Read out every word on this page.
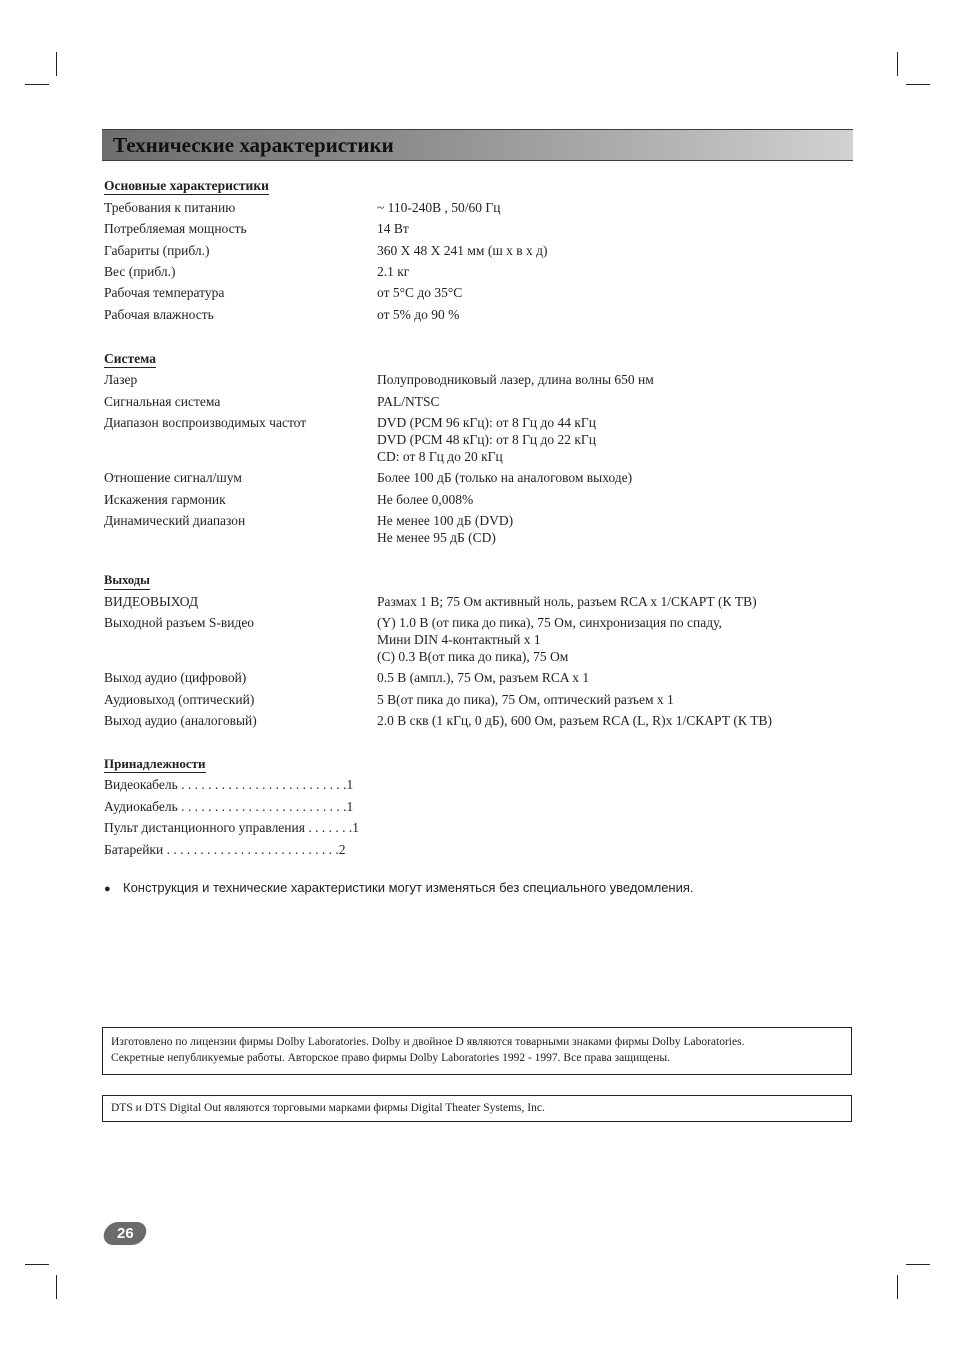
Технические характеристики
Основные характеристики
Требования к питанию	~ 110-240В , 50/60 Гц
Потребляемая мощность	14 Вт
Габариты (прибл.)	360 X 48 X 241 мм (ш х в х д)
Вес (прибл.)	2.1 кг
Рабочая температура	от 5°C до 35°C
Рабочая влажность	от 5% до 90 %
Система
Лазер	Полупроводниковый лазер, длина волны 650 нм
Сигнальная система	PAL/NTSC
Диапазон воспроизводимых частот	DVD (PCM 96 кГц): от 8 Гц до 44 кГц
DVD (PCM 48 кГц): от 8 Гц до 22 кГц
CD: от 8 Гц до 20 кГц
Отношение сигнал/шум	Более 100 дБ (только на аналоговом выходе)
Искажения гармоник	Не более 0,008%
Динамический диапазон	Не менее 100 дБ (DVD)
Не менее 95 дБ (CD)
Выходы
ВИДЕОВЫХОД	Размах 1 В; 75 Ом активный ноль, разъем RCA x 1/СКАРТ (К ТВ)
Выходной разъем S-видео	(Y) 1.0 В (от пика до пика), 75 Ом, синхронизация по спаду,
Мини DIN 4-контактный x 1
(C) 0.3 В(от пика до пика), 75 Ом
Выход аудио (цифровой)	0.5 В (ампл.), 75 Ом, разъем RCA x 1
Аудиовыход (оптический)	5 В(от пика до пика), 75 Ом, оптический разъем x 1
Выход аудио (аналоговый)	2.0 В скв (1 кГц, 0 дБ), 600 Ом, разъем RCA (L, R)x 1/СКАРТ (К ТВ)
Принадлежности
Видеокабель . . . . . . . . . . . . . . . . . . . . . . . . .1
Аудиокабель . . . . . . . . . . . . . . . . . . . . . . . . .1
Пульт дистанционного управления . . . . . . .1
Батарейки . . . . . . . . . . . . . . . . . . . . . . . . . .2
● Конструкция и технические характеристики могут изменяться без специального уведомления.
Изготовлено по лицензии фирмы Dolby Laboratories. Dolby и двойное D являются товарными знаками фирмы Dolby Laboratories.
Секретные непубликуемые работы. Авторское право фирмы Dolby Laboratories 1992 - 1997. Все права защищены.
DTS и DTS Digital Out являются торговыми марками фирмы Digital Theater Systems, Inc.
26
